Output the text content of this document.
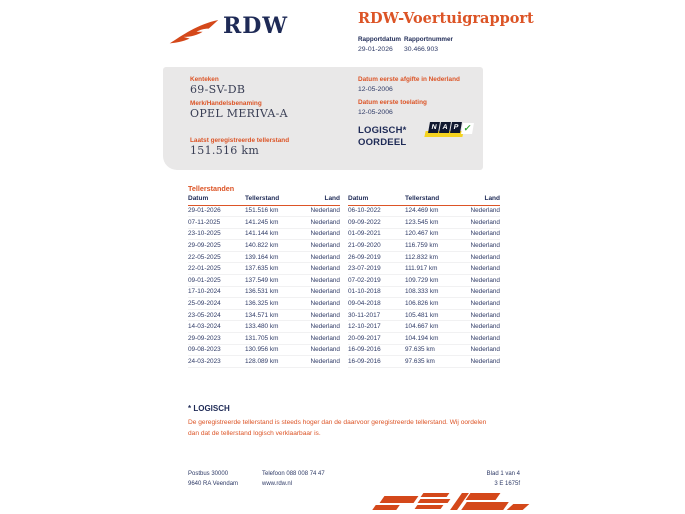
RDW	RDW-Voertuigrapport
Rapportdatum
29-01-2026
Rapportnummer
30.466.903
Kenteken
69-SV-DB
Merk/Handelsbenaming
OPEL MERIVA-A
Laatst geregistreerde tellerstand
151.516 km
Datum eerste afgifte in Nederland
12-05-2006
Datum eerste toelating
12-05-2006
LOGISCH*
OORDEEL
N A P ✓
Tellerstanden
Datum	Tellerstand	Land
29-01-2026	151.516 km	Nederland
07-11-2025	141.245 km	Nederland
23-10-2025	141.144 km	Nederland
29-09-2025	140.822 km	Nederland
22-05-2025	139.164 km	Nederland
22-01-2025	137.635 km	Nederland
09-01-2025	137.549 km	Nederland
17-10-2024	136.531 km	Nederland
25-09-2024	136.325 km	Nederland
23-05-2024	134.571 km	Nederland
14-03-2024	133.480 km	Nederland
29-09-2023	131.705 km	Nederland
09-08-2023	130.956 km	Nederland
24-03-2023	128.089 km	Nederland
Datum	Tellerstand	Land
06-10-2022	124.469 km	Nederland
09-09-2022	123.545 km	Nederland
01-09-2021	120.467 km	Nederland
21-09-2020	116.759 km	Nederland
26-09-2019	112.832 km	Nederland
23-07-2019	111.917 km	Nederland
07-02-2019	109.729 km	Nederland
01-10-2018	108.333 km	Nederland
09-04-2018	106.826 km	Nederland
30-11-2017	105.481 km	Nederland
12-10-2017	104.667 km	Nederland
20-09-2017	104.194 km	Nederland
16-09-2016	97.635 km	Nederland
16-09-2016	97.635 km	Nederland
* LOGISCH
De geregistreerde tellerstand is steeds hoger dan de daarvoor geregistreerde tellerstand. Wij oordelen dan dat de tellerstand logisch verklaarbaar is.
Postbus 30000
9640 RA Veendam
Telefoon 088 008 74 47
www.rdw.nl
Blad 1 van 4
3 E 1675f
